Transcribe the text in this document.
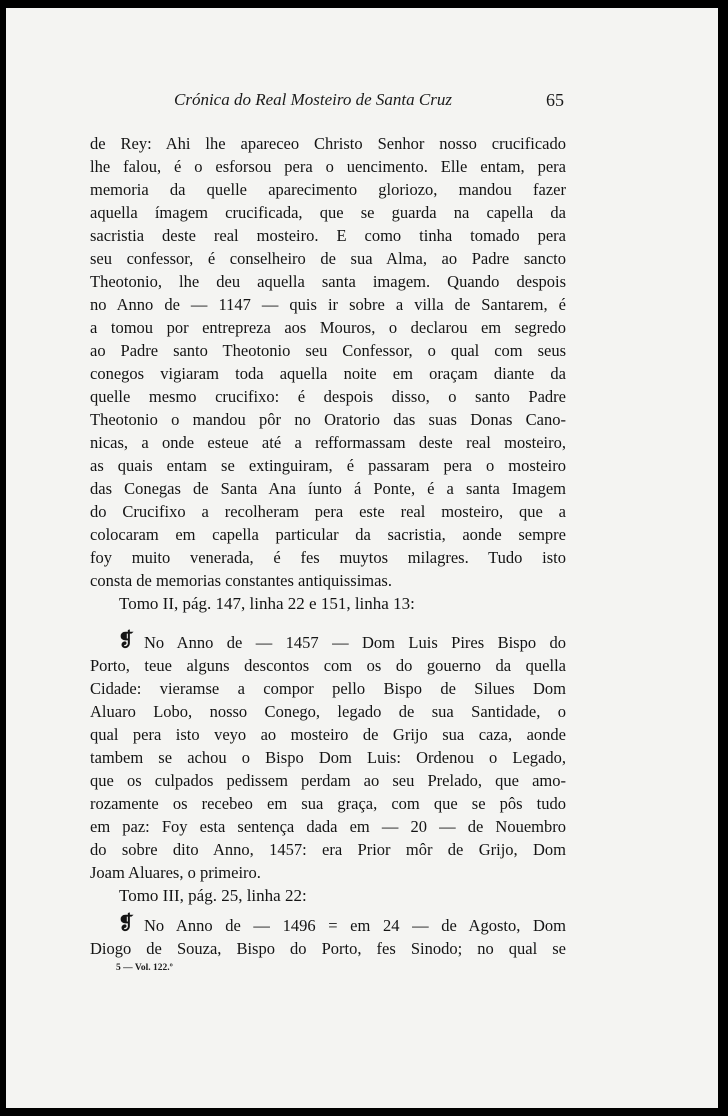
Crónica do Real Mosteiro de Santa Cruz	65
de Rey: Ahi lhe apareceo Christo Senhor nosso crucificado
lhe falou, é o esforsou pera o uencimento. Elle entam, pera
memoria da quelle aparecimento gloriozo, mandou fazer
aquella ímagem crucificada, que se guarda na capella da
sacristia deste real mosteiro. E como tinha tomado pera
seu confessor, é conselheiro de sua Alma, ao Padre sancto
Theotonio, lhe deu aquella santa imagem. Quando despois
no Anno de — 1147 — quis ir sobre a villa de Santarem, é
a tomou por entrepreza aos Mouros, o declarou em segredo
ao Padre santo Theotonio seu Confessor, o qual com seus
conegos vigiaram toda aquella noite em oraçam diante da
quelle mesmo crucifixo: é despois disso, o santo Padre
Theotonio o mandou pôr no Oratorio das suas Donas Cano-
nicas, a onde esteue até a refformassam deste real mosteiro,
as quais entam se extinguiram, é passaram pera o mosteiro
das Conegas de Santa Ana íunto á Ponte, é a santa Imagem
do Crucifixo a recolheram pera este real mosteiro, que a
colocaram em capella particular da sacristia, aonde sempre
foy muito venerada, é fes muytos milagres. Tudo isto
consta de memorias constantes antiquissimas.
Tomo II, pág. 147, linha 22 e 151, linha 13:
❡ No Anno de — 1457 — Dom Luis Pires Bispo do
Porto, teue alguns descontos com os do gouerno da quella
Cidade: vieramse a compor pello Bispo de Silues Dom
Aluaro Lobo, nosso Conego, legado de sua Santidade, o
qual pera isto veyo ao mosteiro de Grijo sua caza, aonde
tambem se achou o Bispo Dom Luis: Ordenou o Legado,
que os culpados pedissem perdam ao seu Prelado, que amo-
rozamente os recebeo em sua graça, com que se pôs tudo
em paz: Foy esta sentença dada em — 20 — de Nouembro
do sobre dito Anno, 1457: era Prior môr de Grijo, Dom
Joam Aluares, o primeiro.
Tomo III, pág. 25, linha 22:
❡ No Anno de — 1496 = em 24 — de Agosto, Dom
Diogo de Souza, Bispo do Porto, fes Sinodo; no qual se
5 — Vol. 122.º
